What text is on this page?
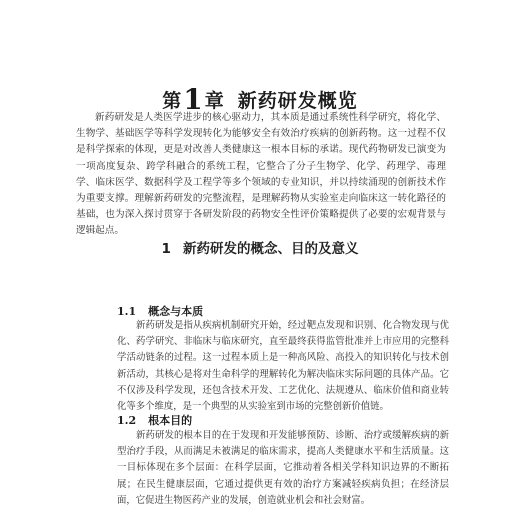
第1 章 新药研发概览

新药研发是人类医学进步的核心驱动力，其本质是通过系统性科学研究，将化学、生物学、基础医学等科学发现转化为能够安全有效治疗疾病的创新药物。这一过程不仅是科学探索的体现，更是对改善人类健康这一根本目标的承诺。现代药物研发已演变为一项高度复杂、跨学科融合的系统工程，它整合了分子生物学、化学、药理学、毒理学、临床医学、数据科学及工程学等多个领域的专业知识，并以持续涌现的创新技术作为重要支撑。理解新药研发的完整流程，是理解药物从实验室走向临床这一转化路径的基础，也为深入探讨贯穿于各研发阶段的药物安全性评价策略提供了必要的宏观背景与逻辑起点。

1 新药研发的概念、目的及意义
1.1 概念与本质

新药研发是指从疾病机制研究开始，经过靶点发现和识别、化合物发现与优化、药学研究、非临床与临床研究，直至最终获得监管批准并上市应用的完整科学活动链条的过程。这一过程本质上是一种高风险、高投入的知识转化与技术创新活动，其核心是将对生命科学的理解转化为解决临床实际问题的具体产品。它不仅涉及科学发现，还包含技术开发、工艺优化、法规遵从、临床价值和商业转化等多个维度，是一个典型的从实验室到市场的完整创新价值链。

1.2 根本目的

新药研发的根本目的在于发现和开发能够预防、诊断、治疗或缓解疾病的新型治疗手段，从而满足未被满足的临床需求，提高人类健康水平和生活质量。这一目标体现在多个层面：在科学层面，它推动着各相关学科知识边界的不断拓展；在民生健康层面，它通过提供更有效的治疗方案减轻疾病负担；在经济层面，它促进生物医药产业的发展，创造就业机会和社会财富。
